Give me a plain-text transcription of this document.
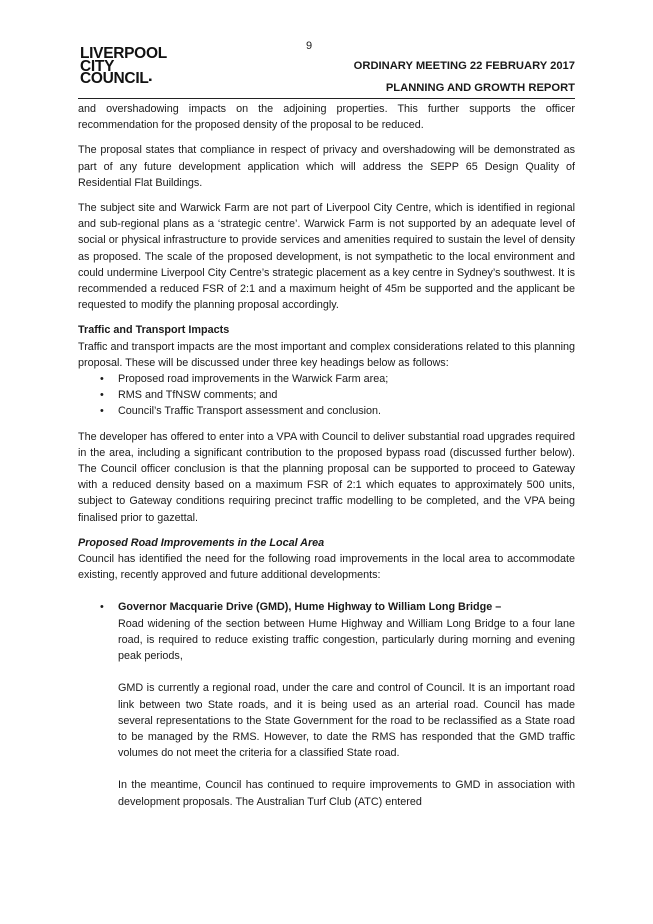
9
LIVERPOOL
CITY
COUNCIL▪
ORDINARY MEETING 22 FEBRUARY 2017
PLANNING AND GROWTH REPORT

and overshadowing impacts on the adjoining properties. This further supports the officer recommendation for the proposed density of the proposal to be reduced.

The proposal states that compliance in respect of privacy and overshadowing will be demonstrated as part of any future development application which will address the SEPP 65 Design Quality of Residential Flat Buildings.

The subject site and Warwick Farm are not part of Liverpool City Centre, which is identified in regional and sub-regional plans as a ‘strategic centre’. Warwick Farm is not supported by an adequate level of social or physical infrastructure to provide services and amenities required to sustain the level of density as proposed. The scale of the proposed development, is not sympathetic to the local environment and could undermine Liverpool City Centre’s strategic placement as a key centre in Sydney’s southwest. It is recommended a reduced FSR of 2:1 and a maximum height of 45m be supported and the applicant be requested to modify the planning proposal accordingly.

Traffic and Transport Impacts

Traffic and transport impacts are the most important and complex considerations related to this planning proposal. These will be discussed under three key headings below as follows:

• Proposed road improvements in the Warwick Farm area;
• RMS and TfNSW comments; and
• Council’s Traffic Transport assessment and conclusion.

The developer has offered to enter into a VPA with Council to deliver substantial road upgrades required in the area, including a significant contribution to the proposed bypass road (discussed further below). The Council officer conclusion is that the planning proposal can be supported to proceed to Gateway with a reduced density based on a maximum FSR of 2:1 which equates to approximately 500 units, subject to Gateway conditions requiring precinct traffic modelling to be completed, and the VPA being finalised prior to gazettal.

Proposed Road Improvements in the Local Area

Council has identified the need for the following road improvements in the local area to accommodate existing, recently approved and future additional developments:

• Governor Macquarie Drive (GMD), Hume Highway to William Long Bridge –

Road widening of the section between Hume Highway and William Long Bridge to a four lane road, is required to reduce existing traffic congestion, particularly during morning and evening peak periods,

GMD is currently a regional road, under the care and control of Council. It is an important road link between two State roads, and it is being used as an arterial road. Council has made several representations to the State Government for the road to be reclassified as a State road to be managed by the RMS. However, to date the RMS has responded that the GMD traffic volumes do not meet the criteria for a classified State road.

In the meantime, Council has continued to require improvements to GMD in association with development proposals. The Australian Turf Club (ATC) entered
